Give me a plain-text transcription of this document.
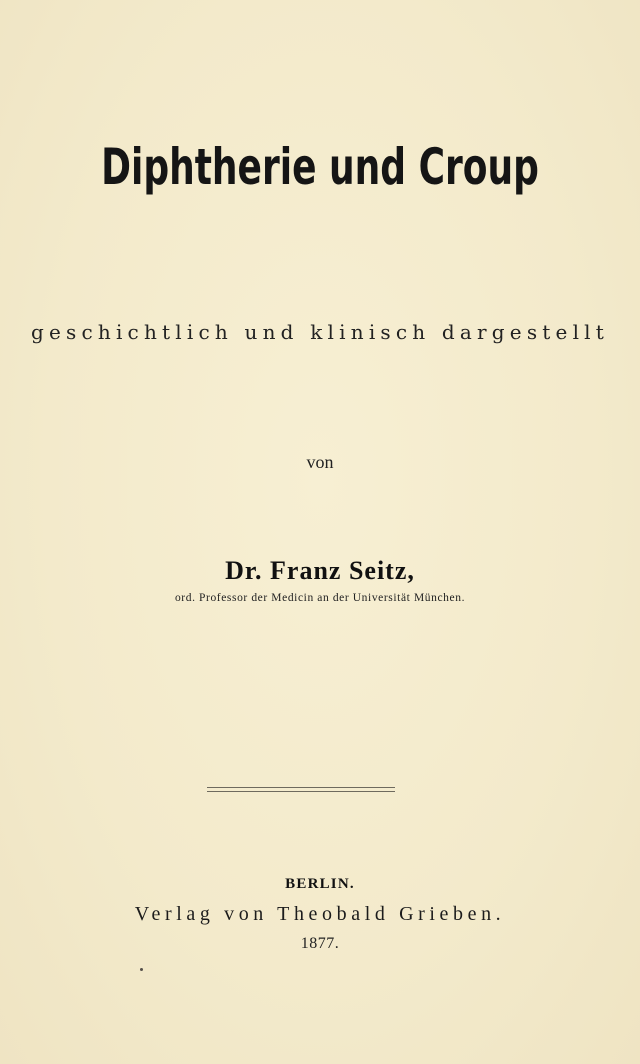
Diphtherie und Croup
geschichtlich und klinisch dargestellt
von
Dr. Franz Seitz,
ord. Professor der Medicin an der Universität München.
BERLIN.
Verlag von Theobald Grieben.
1877.
